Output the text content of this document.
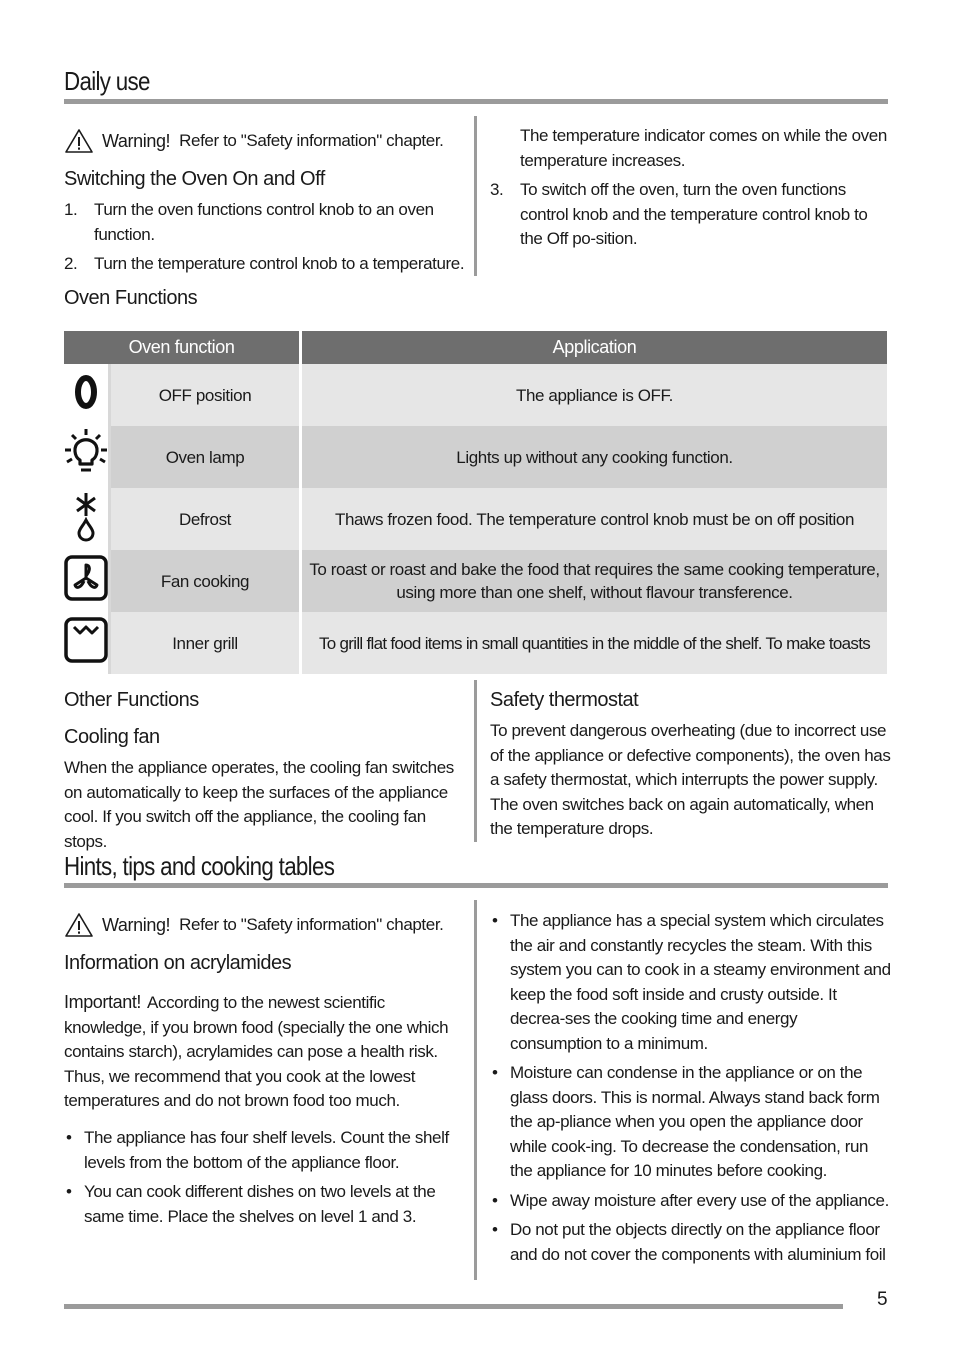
Daily use
Warning! Refer to "Safety information" chapter.
Switching the Oven On and Off
1. Turn the oven functions control knob to an oven function.
2. Turn the temperature control knob to a temperature.
The temperature indicator comes on while the oven temperature increases.
3. To switch off the oven, turn the oven functions control knob and the temperature control knob to the Off po-sition.
Oven Functions
Oven function		Application
	OFF position	The appliance is OFF.
	Oven lamp	Lights up without any cooking function.
	Defrost	Thaws frozen food. The temperature control knob must be on off position
	Fan cooking	To roast or roast and bake the food that requires the same cooking temperature, using more than one shelf, without flavour transference.
	Inner grill	To grill flat food items in small quantities in the middle of the shelf. To make toasts
Other Functions
Cooling fan
When the appliance operates, the cooling fan switches on automatically to keep the surfaces of the appliance cool. If you switch off the appliance, the cooling fan stops.
Safety thermostat
To prevent dangerous overheating (due to incorrect use of the appliance or defective components), the oven has a safety thermostat, which interrupts the power supply. The oven switches back on again automatically, when the temperature drops.
Hints, tips and cooking tables
Warning! Refer to "Safety information" chapter.
Information on acrylamides
Important! According to the newest scientific knowledge, if you brown food (specially the one which contains starch), acrylamides can pose a health risk. Thus, we recommend that you cook at the lowest temperatures and do not brown food too much.
• The appliance has four shelf levels. Count the shelf levels from the bottom of the appliance floor.
• You can cook different dishes on two levels at the same time. Place the shelves on level 1 and 3.
• The appliance has a special system which circulates the air and constantly recycles the steam. With this system you can to cook in a steamy environment and keep the food soft inside and crusty outside. It decrea-ses the cooking time and energy consumption to a minimum.
• Moisture can condense in the appliance or on the glass doors. This is normal. Always stand back form the ap-pliance when you open the appliance door while cook-ing. To decrease the condensation, run the appliance for 10 minutes before cooking.
• Wipe away moisture after every use of the appliance.
• Do not put the objects directly on the appliance floor and do not cover the components with aluminium foil
5
